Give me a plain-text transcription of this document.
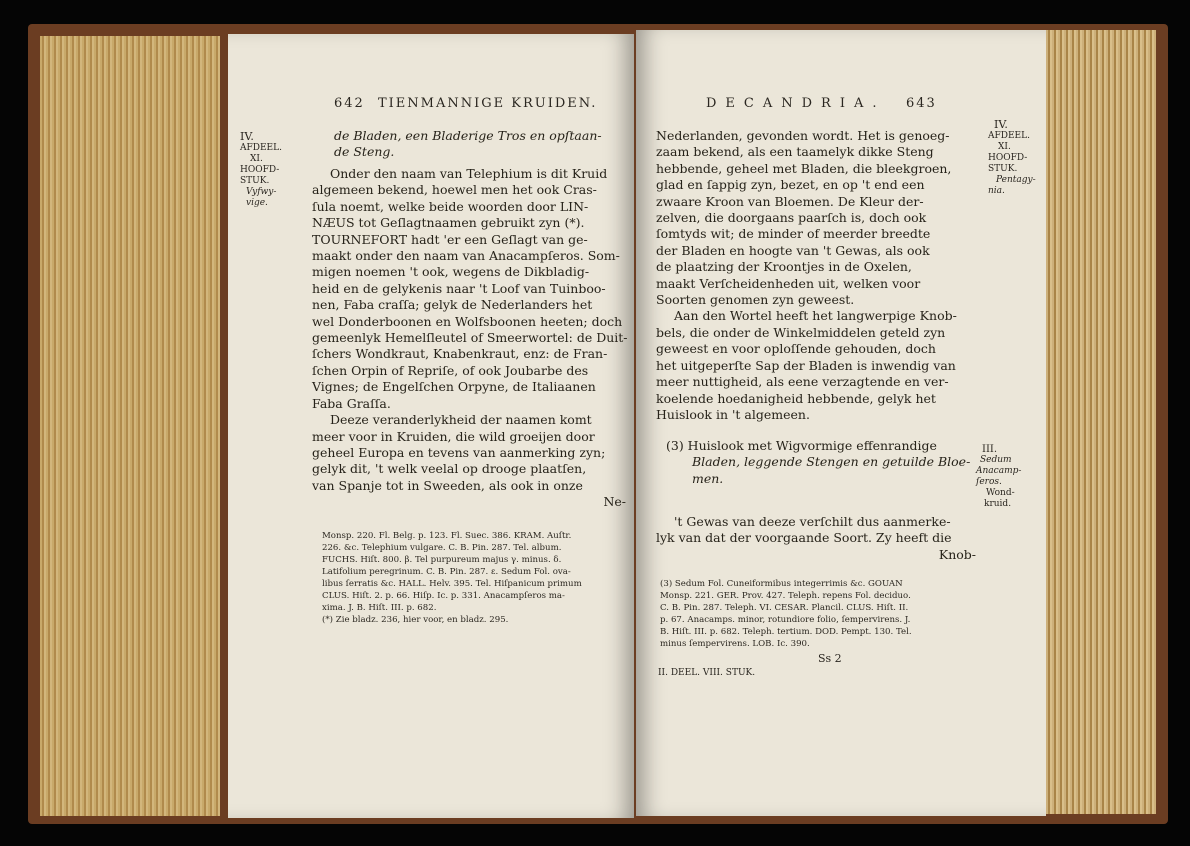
642 TIENMANNIGE KRUIDEN.
IV.
AFDEEL.
XI.
HOOFD-
STUK.
Vyfwy-
vige.
de Bladen, een Bladerige Tros en opſtaan-
de Steng.
Onder den naam van Telephium is dit Kruid
algemeen bekend, hoewel men het ook Cras-
ſula noemt, welke beide woorden door LIN-
NÆUS tot Geſlagtnaamen gebruikt zyn (*).
TOURNEFORT hadt 'er een Geſlagt van ge-
maakt onder den naam van Anacampſeros. Som-
migen noemen 't ook, wegens de Dikbladig-
heid en de gelykenis naar 't Loof van Tuinboo-
nen, Faba craſſa; gelyk de Nederlanders het
wel Donderboonen en Wolfsboonen heeten; doch
gemeenlyk Hemelſleutel of Smeerwortel: de Duit-
ſchers Wondkraut, Knabenkraut, enz: de Fran-
ſchen Orpin of Repriſe, of ook Joubarbe des
Vignes; de Engelſchen Orpyne, de Italiaanen
Faba Graſſa.
Deeze veranderlykheid der naamen komt
meer voor in Kruiden, die wild groeijen door
geheel Europa en tevens van aanmerking zyn;
gelyk dit, 't welk veelal op drooge plaatſen,
van Spanje tot in Sweeden, als ook in onze
Ne-
Monsp. 220. Fl. Belg. p. 123. Fl. Suec. 386. KRAM. Auſtr.
226. &c. Telephium vulgare. C. B. Pin. 287. Tel. album.
FUCHS. Hiſt. 800. β. Tel purpureum majus γ. minus. δ.
Latifolium peregrinum. C. B. Pin. 287. ε. Sedum Fol. ova-
libus ſerratis &c. HALL. Helv. 395. Tel. Hiſpanicum primum
CLUS. Hiſt. 2. p. 66. Hiſp. Ic. p. 331. Anacampſeros ma-
xima. J. B. Hiſt. III. p. 682.
(*) Zie bladz. 236, hier voor, en bladz. 295.
DECANDRIA. 643
IV.
AFDEEL.
XI.
HOOFD-
STUK.
Pentagy-
nia.
Nederlanden, gevonden wordt. Het is genoeg-
zaam bekend, als een taamelyk dikke Steng
hebbende, geheel met Bladen, die bleekgroen,
glad en ſappig zyn, bezet, en op 't end een
zwaare Kroon van Bloemen. De Kleur der-
zelven, die doorgaans paarſch is, doch ook
ſomtyds wit; de minder of meerder breedte
der Bladen en hoogte van 't Gewas, als ook
de plaatzing der Kroontjes in de Oxelen,
maakt Verſcheidenheden uit, welken voor
Soorten genomen zyn geweest.
Aan den Wortel heeft het langwerpige Knob-
bels, die onder de Winkelmiddelen geteld zyn
geweest en voor oploſſende gehouden, doch
het uitgeperſte Sap der Bladen is inwendig van
meer nuttigheid, als eene verzagtende en ver-
koelende hoedanigheid hebbende, gelyk het
Huislook in 't algemeen.
(3) Huislook met Wigvormige effenrandige
Bladen, leggende Stengen en getuilde Bloe-
men.
III.
Sedum
Anacamp-
ſeros.
Wond-
kruid.
't Gewas van deeze verſchilt dus aanmerke-
lyk van dat der voorgaande Soort. Zy heeft die
Knob-
(3) Sedum Fol. Cuneiformibus integerrimis &c. GOUAN
Monsp. 221. GER. Prov. 427. Teleph. repens Fol. deciduo.
C. B. Pin. 287. Teleph. VI. CESAR. Plancil. CLUS. Hiſt. II.
p. 67. Anacamps. minor, rotundiore folio, ſempervirens. J.
B. Hiſt. III. p. 682. Teleph. tertium. DOD. Pempt. 130. Tel.
minus ſempervirens. LOB. Ic. 390.
Ss 2
II. DEEL. VIII. STUK.
